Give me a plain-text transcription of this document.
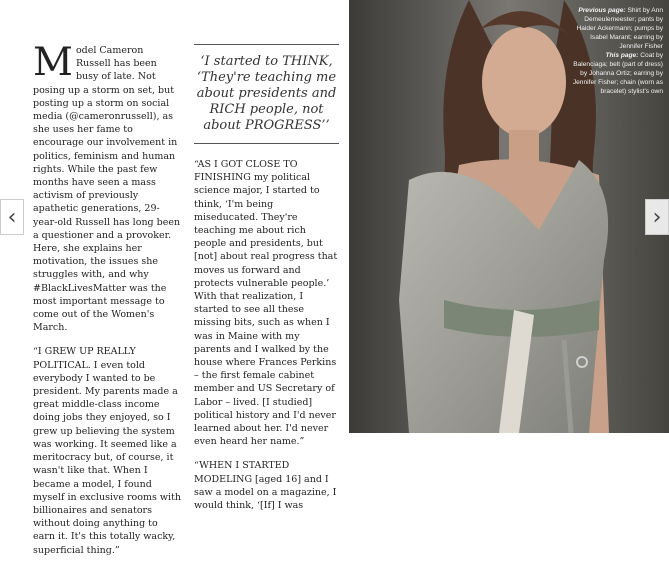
Model Cameron Russell has been busy of late. Not posing up a storm on set, but posting up a storm on social media (@cameronrussell), as she uses her fame to encourage our involvement in politics, feminism and human rights. While the past few months have seen a mass activism of previously apathetic generations, 29-year-old Russell has long been a questioner and a provoker. Here, she explains her motivation, the issues she struggles with, and why #BlackLivesMatter was the most important message to come out of the Women's March.

“I GREW UP REALLY POLITICAL. I even told everybody I wanted to be president. My parents made a great middle-class income doing jobs they enjoyed, so I grew up believing the system was working. It seemed like a meritocracy but, of course, it wasn't like that. When I became a model, I found myself in exclusive rooms with billionaires and senators without doing anything to earn it. It's this totally wacky, superficial thing.”

‘I started to THINK, ‘They're teaching me about presidents and RICH people, not about PROGRESS’’

“AS I GOT CLOSE TO FINISHING my political science major, I started to think, ‘I'm being miseducated. They're teaching me about rich people and presidents, but [not] about real progress that moves us forward and protects vulnerable people.’ With that realization, I started to see all these missing bits, such as when I was in Maine with my parents and I walked by the house where Frances Perkins – the first female cabinet member and US Secretary of Labor – lived. [I studied] political history and I'd never learned about her. I'd never even heard her name.”

“WHEN I STARTED MODELING [aged 16] and I saw a model on a magazine, I would think, ‘[If] I was

Previous page: Shirt by Ann Demeulemeester; pants by Haider Ackermann; pumps by Isabel Marant; earring by Jennifer Fisher
This page: Coat by Balenciaga; belt (part of dress) by Johanna Ortiz; earring by Jennifer Fisher; chain (worn as bracelet) stylist's own
‹	›
